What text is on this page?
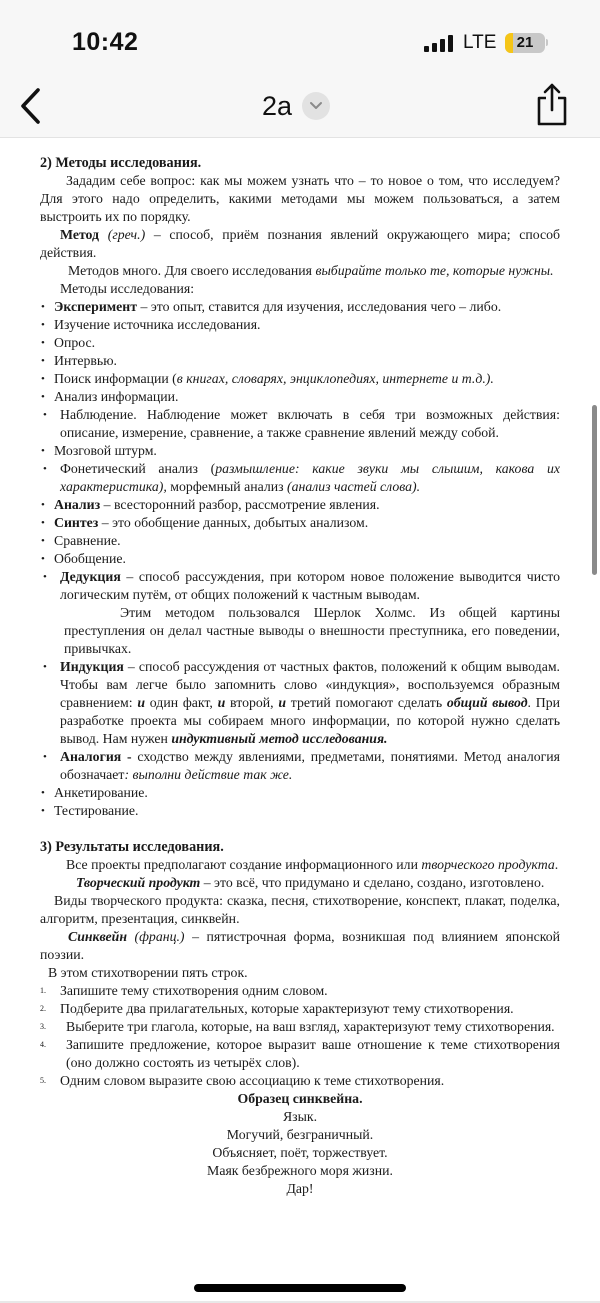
10:42	LTE	21
2a

2) Методы исследования.

Зададим себе вопрос: как мы можем узнать что – то новое о том, что исследуем? Для этого надо определить, какими методами мы можем пользоваться, а затем выстроить их по порядку.

Метод (греч.) – способ, приём познания явлений окружающего мира; способ действия.

Методов много. Для своего исследования выбирайте только те, которые нужны.

Методы исследования:

• Эксперимент – это опыт, ставится для изучения, исследования чего – либо.

• Изучение источника исследования.

• Опрос.

• Интервью.

• Поиск информации (в книгах, словарях, энциклопедиях, интернете и т.д.).

• Анализ информации.

• Наблюдение. Наблюдение может включать в себя три возможных действия: описание, измерение, сравнение, а также сравнение явлений между собой.

• Мозговой штурм.

• Фонетический анализ (размышление: какие звуки мы слышим, какова их характеристика), морфемный анализ (анализ частей слова).

• Анализ – всесторонний разбор, рассмотрение явления.

• Синтез – это обобщение данных, добытых анализом.

• Сравнение.

• Обобщение.

• Дедукция – способ рассуждения, при котором новое положение выводится чисто логическим путём, от общих положений к частным выводам.

Этим методом пользовался Шерлок Холмс. Из общей картины преступления он делал частные выводы о внешности преступника, его поведении, привычках.

• Индукция – способ рассуждения от частных фактов, положений к общим выводам. Чтобы вам легче было запомнить слово «индукция», воспользуемся образным сравнением: и один факт, и второй, и третий помогают сделать общий вывод. При разработке проекта мы собираем много информации, по которой нужно сделать вывод. Нам нужен индуктивный метод исследования.

• Аналогия - сходство между явлениями, предметами, понятиями. Метод аналогия обозначает: выполни действие так же.

• Анкетирование.

• Тестирование.

3) Результаты исследования.

Все проекты предполагают создание информационного или творческого продукта.

Творческий продукт – это всё, что придумано и сделано, создано, изготовлено.

Виды творческого продукта: сказка, песня, стихотворение, конспект, плакат, поделка, алгоритм, презентация, синквейн.

Синквейн (франц.) – пятистрочная форма, возникшая под влиянием японской поэзии.

В этом стихотворении пять строк.

1. Запишите тему стихотворения одним словом.

2. Подберите два прилагательных, которые характеризуют тему стихотворения.

3. Выберите три глагола, которые, на ваш взгляд, характеризуют тему стихотворения.

4. Запишите предложение, которое выразит ваше отношение к теме стихотворения (оно должно состоять из четырёх слов).

5. Одним словом выразите свою ассоциацию к теме стихотворения.

Образец синквейна.

Язык.

Могучий, безграничный.

Объясняет, поёт, торжествует.

Маяк безбрежного моря жизни.

Дар!
